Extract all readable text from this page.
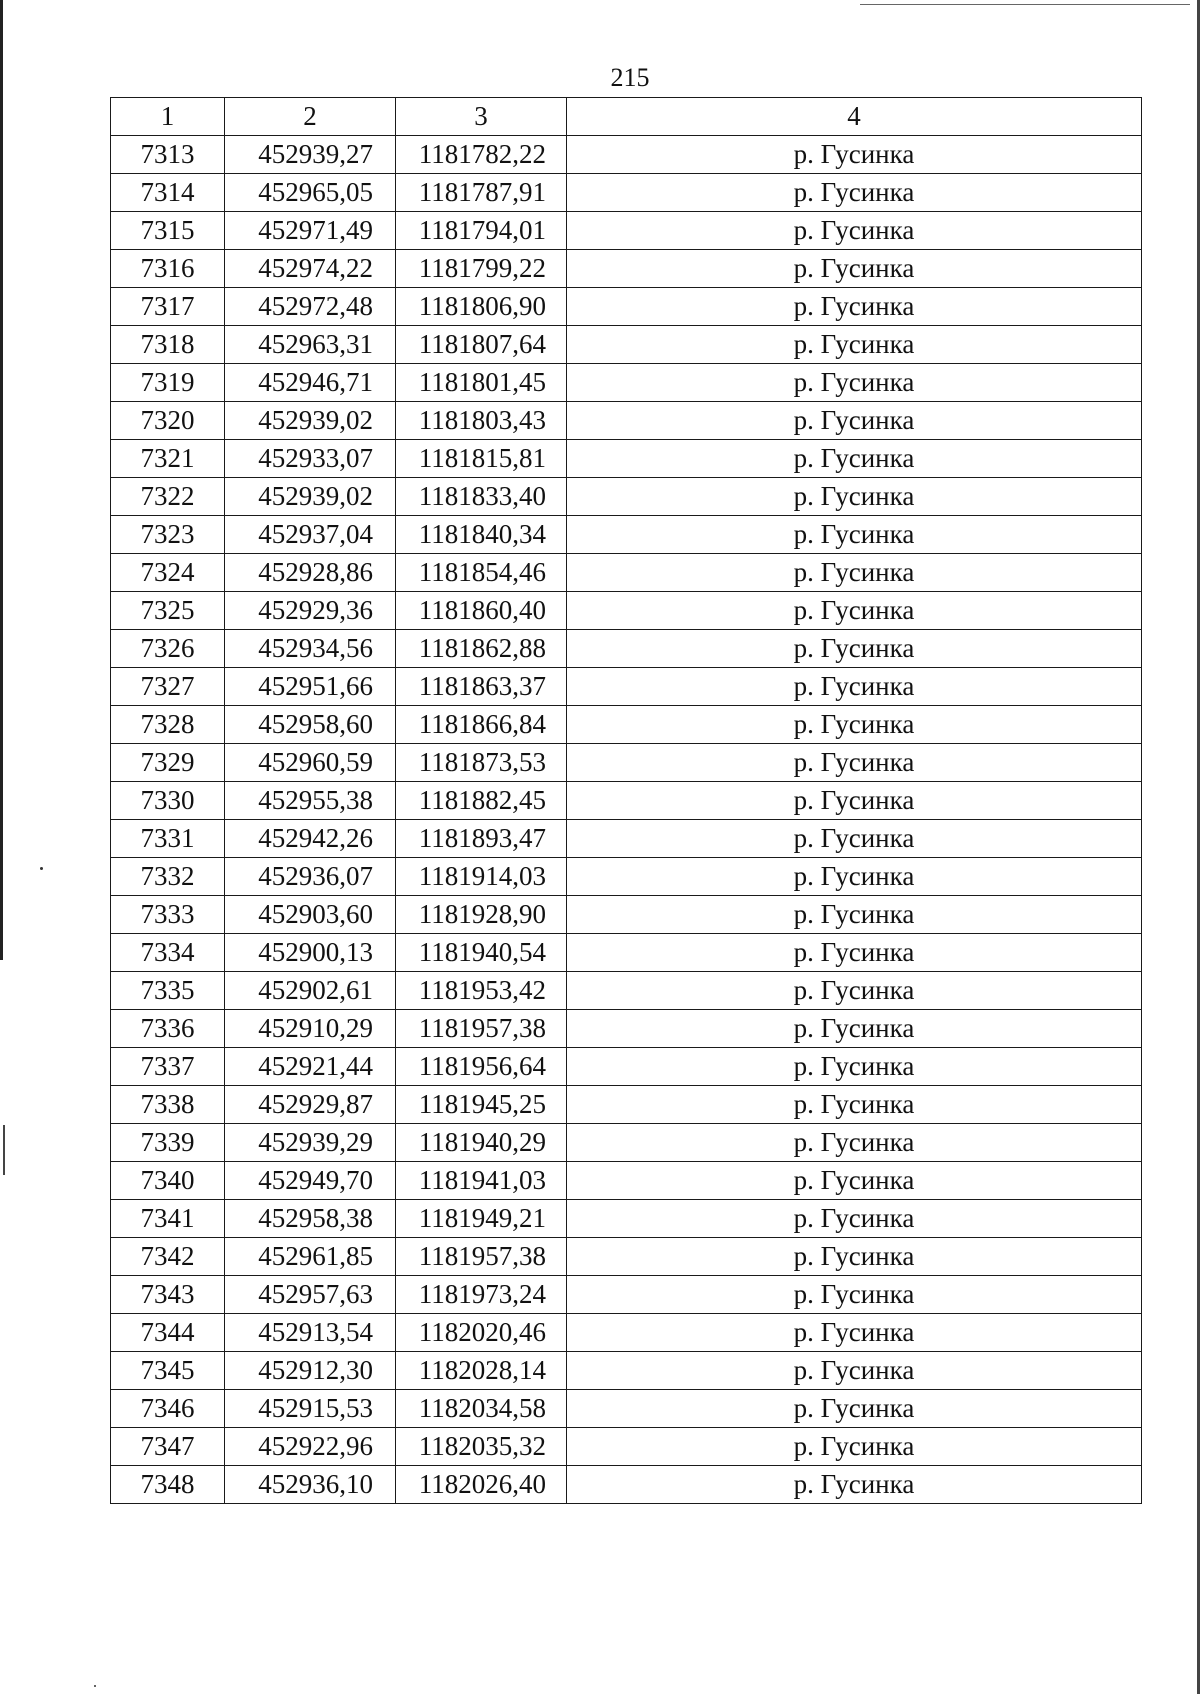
215
1	2	3	4
7313	452939,27	1181782,22	р. Гусинка
7314	452965,05	1181787,91	р. Гусинка
7315	452971,49	1181794,01	р. Гусинка
7316	452974,22	1181799,22	р. Гусинка
7317	452972,48	1181806,90	р. Гусинка
7318	452963,31	1181807,64	р. Гусинка
7319	452946,71	1181801,45	р. Гусинка
7320	452939,02	1181803,43	р. Гусинка
7321	452933,07	1181815,81	р. Гусинка
7322	452939,02	1181833,40	р. Гусинка
7323	452937,04	1181840,34	р. Гусинка
7324	452928,86	1181854,46	р. Гусинка
7325	452929,36	1181860,40	р. Гусинка
7326	452934,56	1181862,88	р. Гусинка
7327	452951,66	1181863,37	р. Гусинка
7328	452958,60	1181866,84	р. Гусинка
7329	452960,59	1181873,53	р. Гусинка
7330	452955,38	1181882,45	р. Гусинка
7331	452942,26	1181893,47	р. Гусинка
7332	452936,07	1181914,03	р. Гусинка
7333	452903,60	1181928,90	р. Гусинка
7334	452900,13	1181940,54	р. Гусинка
7335	452902,61	1181953,42	р. Гусинка
7336	452910,29	1181957,38	р. Гусинка
7337	452921,44	1181956,64	р. Гусинка
7338	452929,87	1181945,25	р. Гусинка
7339	452939,29	1181940,29	р. Гусинка
7340	452949,70	1181941,03	р. Гусинка
7341	452958,38	1181949,21	р. Гусинка
7342	452961,85	1181957,38	р. Гусинка
7343	452957,63	1181973,24	р. Гусинка
7344	452913,54	1182020,46	р. Гусинка
7345	452912,30	1182028,14	р. Гусинка
7346	452915,53	1182034,58	р. Гусинка
7347	452922,96	1182035,32	р. Гусинка
7348	452936,10	1182026,40	р. Гусинка
